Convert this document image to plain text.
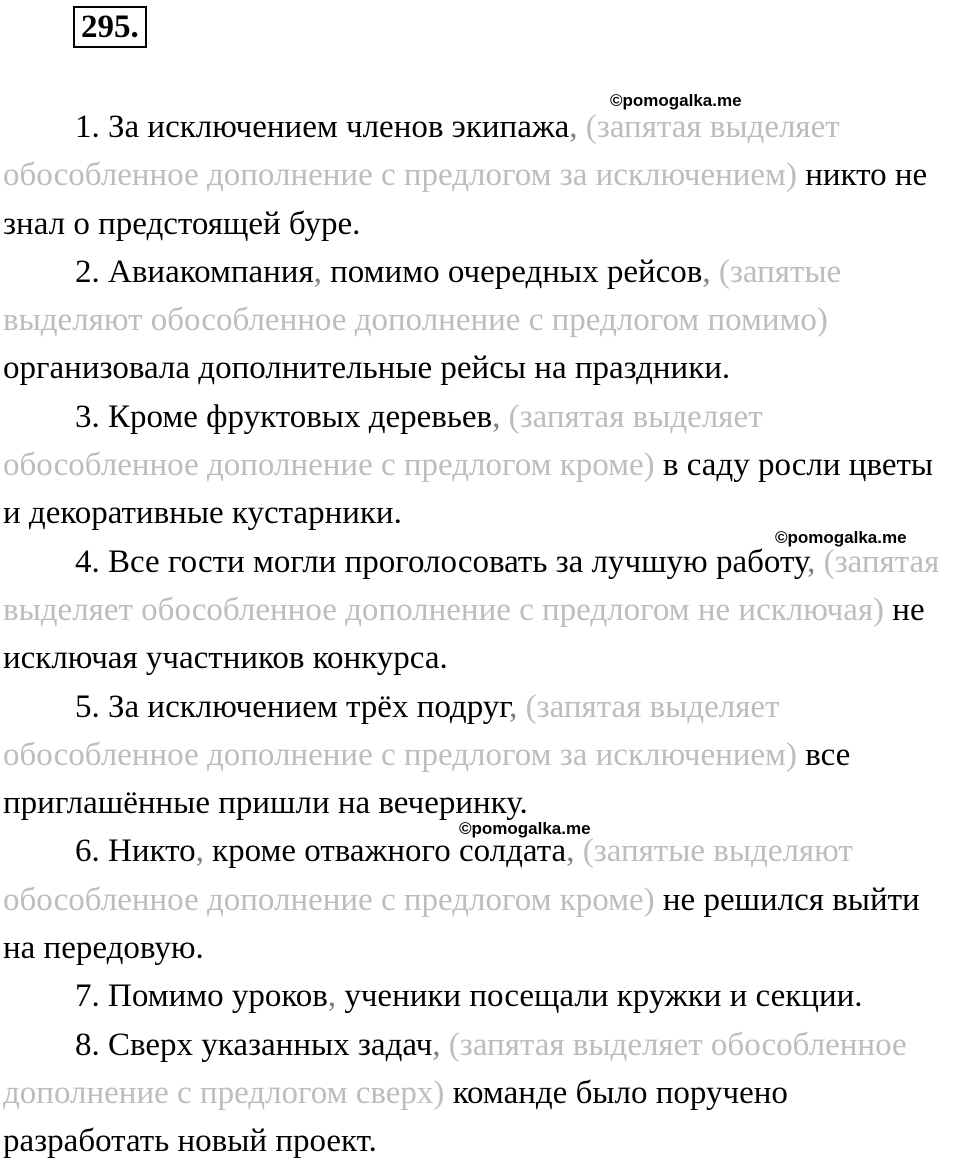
295.
©pomogalka.me
©pomogalka.me
©pomogalka.me

1. За исключением членов экипажа, (запятая выделяет обособленное дополнение с предлогом за исключением) никто не знал о предстоящей буре.

2. Авиакомпания, помимо очередных рейсов, (запятые выделяют обособленное дополнение с предлогом помимо) организовала дополнительные рейсы на праздники.

3. Кроме фруктовых деревьев, (запятая выделяет обособленное дополнение с предлогом кроме) в саду росли цветы и декоративные кустарники.

4. Все гости могли проголосовать за лучшую работу, (запятая выделяет обособленное дополнение с предлогом не исключая) не исключая участников конкурса.

5. За исключением трёх подруг, (запятая выделяет обособленное дополнение с предлогом за исключением) все приглашённые пришли на вечеринку.

6. Никто, кроме отважного солдата, (запятые выделяют обособленное дополнение с предлогом кроме) не решился выйти на передовую.

7. Помимо уроков, ученики посещали кружки и секции.

8. Сверх указанных задач, (запятая выделяет обособленное дополнение с предлогом сверх) команде было поручено разработать новый проект.
